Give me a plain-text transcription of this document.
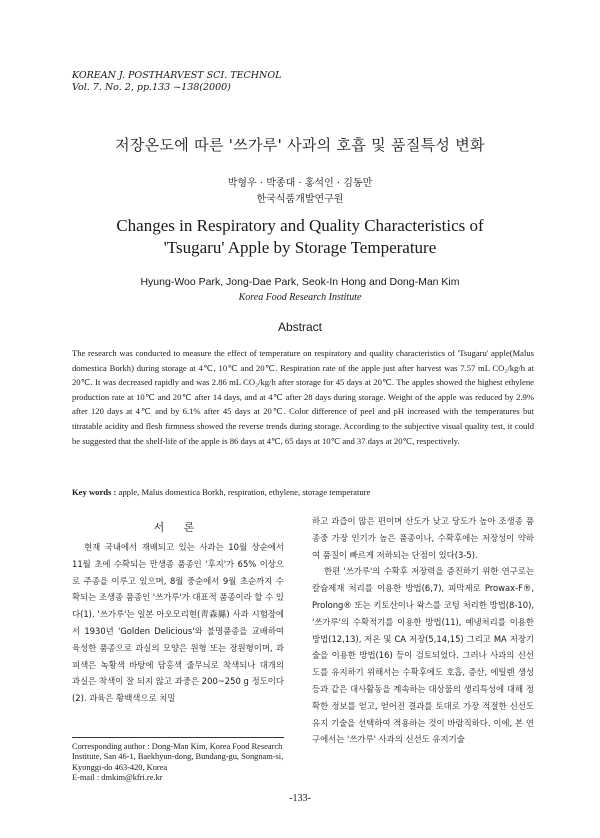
KOREAN J. POSTHARVEST SCI. TECHNOL
Vol. 7. No. 2, pp.133 ~138(2000)
저장온도에 따른 '쓰가루' 사과의 호흡 및 품질특성 변화
박형우 · 박종대 · 홍석인 · 김동만
한국식품개발연구원
Changes in Respiratory and Quality Characteristics of
'Tsugaru' Apple by Storage Temperature
Hyung-Woo Park, Jong-Dae Park, Seok-In Hong and Dong-Man Kim
Korea Food Research Institute
Abstract
The research was conducted to measure the effect of temperature on respiratory and quality characteristics of 'Tsugaru' apple(Malus domestica Borkh) during storage at 4℃, 10℃ and 20℃. Respiration rate of the apple just after harvest was 7.57 mL CO₂/kg/h at 20℃. It was decreased rapidly and was 2.86 mL CO₂/kg/h after storage for 45 days at 20℃. The apples showed the highest ethylene production rate at 10℃ and 20℃ after 14 days, and at 4℃ after 28 days during storage. Weight of the apple was reduced by 2.9% after 120 days at 4℃ and by 6.1% after 45 days at 20℃. Color difference of peel and pH increased with the temperatures but titratable acidity and flesh firmness showed the reverse trends during storage. According to the subjective visual quality test, it could be suggested that the shelf-life of the apple is 86 days at 4℃, 65 days at 10℃ and 37 days at 20℃, respectively.
Key words : apple, Malus domestica Borkh, respiration, ethylene, storage temperature
서 론

현재 국내에서 재배되고 있는 사과는 10월 상순에서 11월 초에 수확되는 만생종 품종인 '후지'가 65% 이상으로 주종을 이루고 있으며, 8월 중순에서 9월 초순까지 수확되는 조생종 품종인 '쓰가루'가 대표적 품종이라 할 수 있다(1). '쓰가루'는 일본 아오모리현(靑森縣) 사과 시험장에서 1930년 'Golden Delicious'와 불명품종을 교배하여 육성한 품종으로 과실의 모양은 원형 또는 장원형이며, 과피색은 녹황색 바탕에 담홍색 줄무늬로 착색되나 대개의 과실은 착색이 잘 되지 않고 과중은 200~250 g 정도이다(2). 과육은 황백색으로 치밀

하고 과즙이 많은 편이며 산도가 낮고 당도가 높아 조생종 품종중 가장 인기가 높은 품종이나, 수확후에는 저장성이 약하여 품질이 빠르게 저하되는 단점이 있다(3-5).

한편 '쓰가루'의 수확후 저장력을 증진하기 위한 연구로는 칼슘제재 처리를 이용한 방법(6,7), 피막제로 Prowax-F®, Prolong® 또는 키토산이나 왁스를 코팅 처리한 방법(8-10), '쓰가루'의 수확적기를 이용한 방법(11), 예냉처리를 이용한 방법(12,13), 저온 및 CA 저장(5,14,15) 그리고 MA 저장기술을 이용한 방법(16) 등이 검토되었다. 그러나 사과의 신선도를 유지하기 위해서는 수확후에도 호흡, 증산, 에틸렌 생성 등과 같은 대사활동을 계속하는 대상물의 생리특성에 대해 정확한 정보를 얻고, 얻어진 결과를 토대로 가장 적절한 신선도 유지 기술을 선택하여 적용하는 것이 바람직하다. 이에, 본 연구에서는 '쓰가루' 사과의 신선도 유지기술

Corresponding author : Dong-Man Kim, Korea Food Research Institute, San 46-1, Baekhyun-dong, Bundang-gu, Songnam-si, Kyonggi-do 463-420, Korea
E-mail : dmkim@kfri.re.kr
-133-
